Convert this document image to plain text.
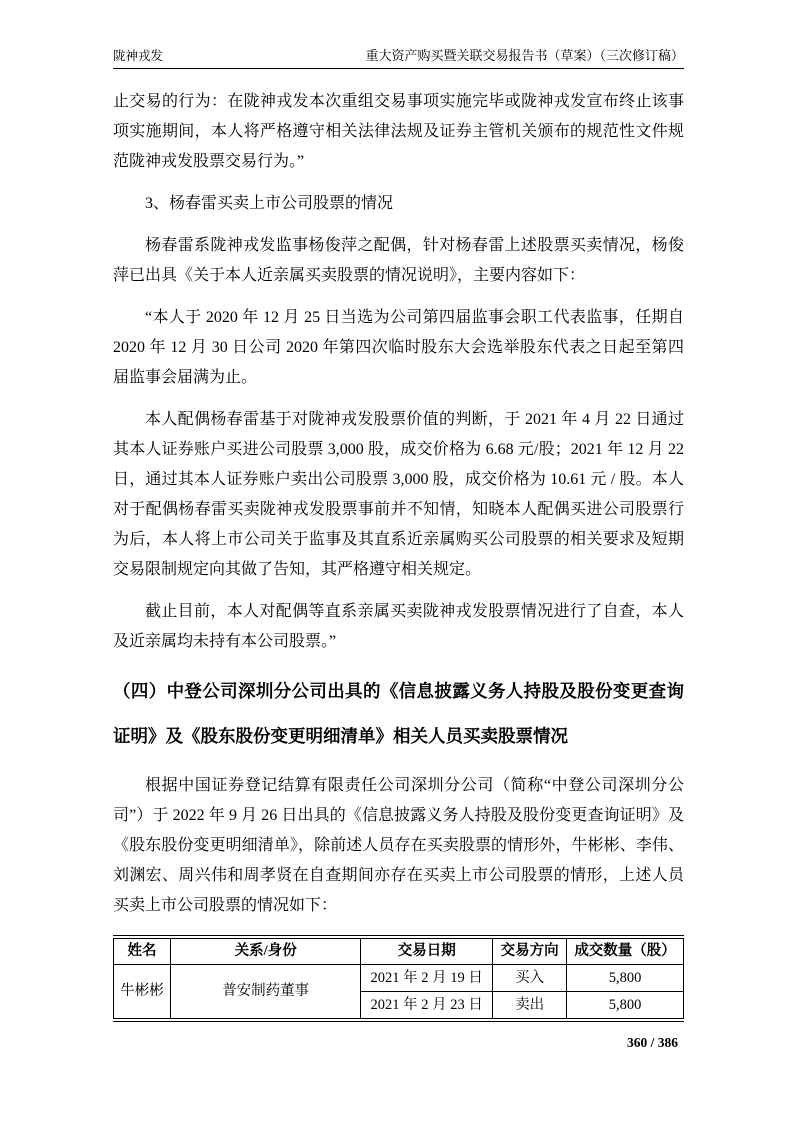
陇神戎发	重大资产购买暨关联交易报告书（草案）（三次修订稿）

止交易的行为：在陇神戎发本次重组交易事项实施完毕或陇神戎发宣布终止该事项实施期间，本人将严格遵守相关法律法规及证券主管机关颁布的规范性文件规范陇神戎发股票交易行为。”

3、杨春雷买卖上市公司股票的情况

杨春雷系陇神戎发监事杨俊萍之配偶，针对杨春雷上述股票买卖情况，杨俊萍已出具《关于本人近亲属买卖股票的情况说明》，主要内容如下：

“本人于 2020 年 12 月 25 日当选为公司第四届监事会职工代表监事，任期自 2020 年 12 月 30 日公司 2020 年第四次临时股东大会选举股东代表之日起至第四届监事会届满为止。

本人配偶杨春雷基于对陇神戎发股票价值的判断，于 2021 年 4 月 22 日通过其本人证券账户买进公司股票 3,000 股，成交价格为 6.68 元/股；2021 年 12 月 22 日，通过其本人证券账户卖出公司股票 3,000 股，成交价格为 10.61 元 / 股。本人对于配偶杨春雷买卖陇神戎发股票事前并不知情，知晓本人配偶买进公司股票行为后，本人将上市公司关于监事及其直系近亲属购买公司股票的相关要求及短期交易限制规定向其做了告知，其严格遵守相关规定。

截止目前，本人对配偶等直系亲属买卖陇神戎发股票情况进行了自查，本人及近亲属均未持有本公司股票。”

（四）中登公司深圳分公司出具的《信息披露义务人持股及股份变更查询证明》及《股东股份变更明细清单》相关人员买卖股票情况

根据中国证券登记结算有限责任公司深圳分公司（简称“中登公司深圳分公司”）于 2022 年 9 月 26 日出具的《信息披露义务人持股及股份变更查询证明》及《股东股份变更明细清单》，除前述人员存在买卖股票的情形外，牛彬彬、李伟、刘渊宏、周兴伟和周孝贤在自查期间亦存在买卖上市公司股票的情形，上述人员买卖上市公司股票的情况如下：

姓名	关系/身份	交易日期	交易方向	成交数量（股）
牛彬彬	普安制药董事	2021 年 2 月 19 日	买入	5,800
		2021 年 2 月 23 日	卖出	5,800
360 / 386
